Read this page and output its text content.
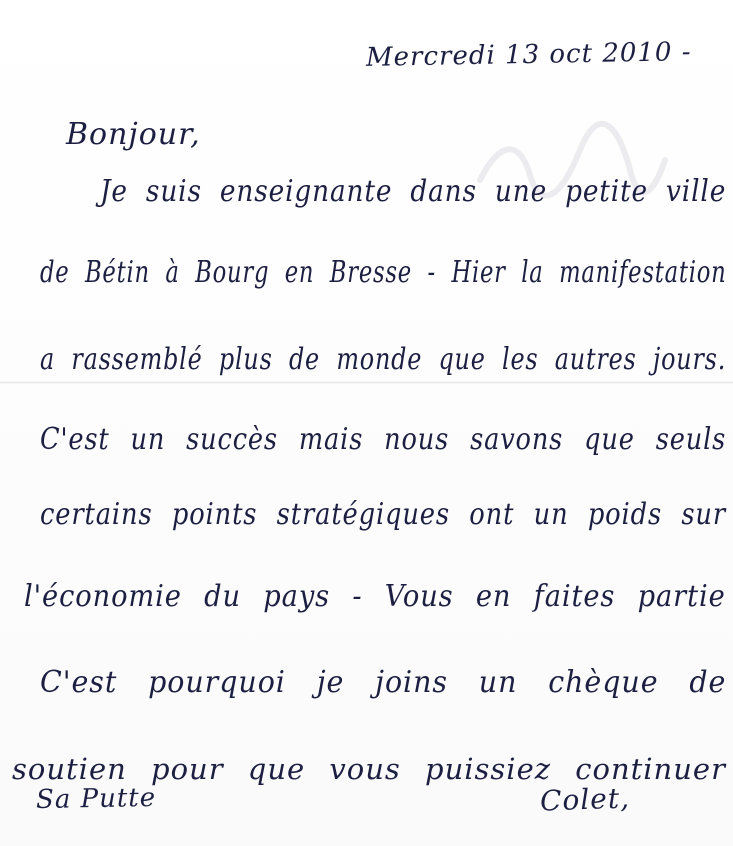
Mercredi 13 oct 2010 -
Bonjour,
Je suis enseignante dans une petite ville
de Bétin à Bourg en Bresse - Hier la manifestation
a rassemblé plus de monde que les autres jours.
C'est un succès mais nous savons que seuls
certains points stratégiques ont un poids sur
l'économie du pays - Vous en faites partie
C'est pourquoi je joins un chèque de
soutien pour que vous puissiez continuer
Sa Putte	Colet,
